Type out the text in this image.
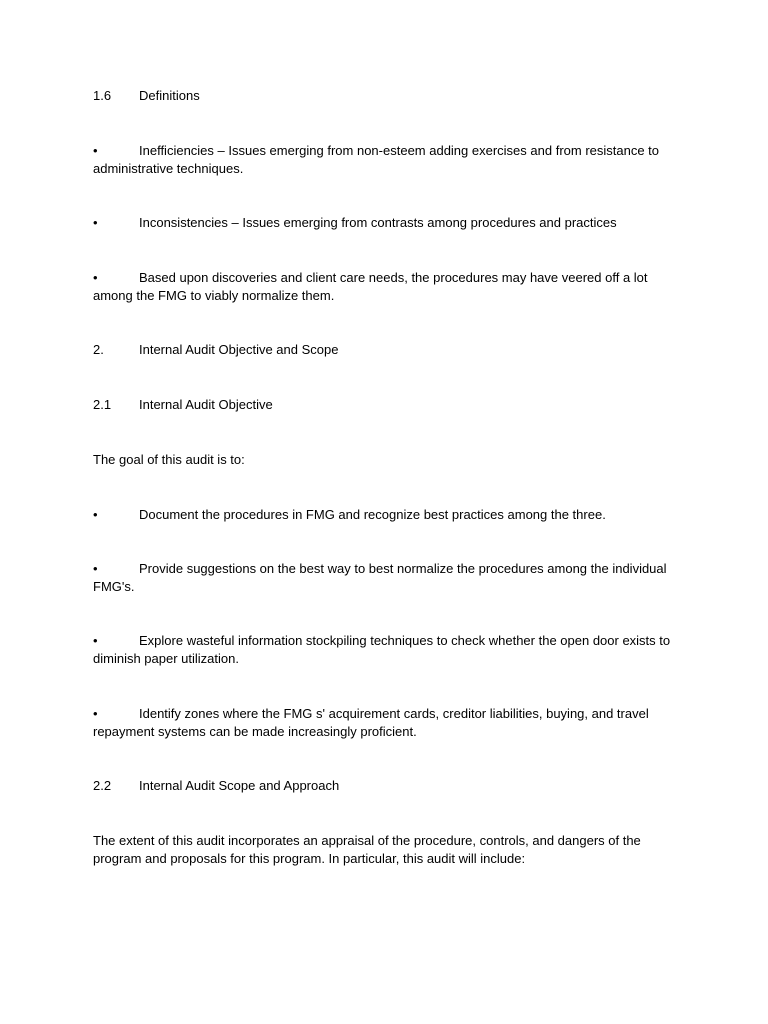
1.6 Definitions
•	Inefficiencies – Issues emerging from non-esteem adding exercises and from resistance to administrative techniques.
•	Inconsistencies – Issues emerging from contrasts among procedures and practices
•	Based upon discoveries and client care needs, the procedures may have veered off a lot among the FMG to viably normalize them.
2.	Internal Audit Objective and Scope
2.1 Internal Audit Objective
The goal of this audit is to:
•	Document the procedures in FMG and recognize best practices among the three.
•	Provide suggestions on the best way to best normalize the procedures among the individual FMG's.
•	Explore wasteful information stockpiling techniques to check whether the open door exists to diminish paper utilization.
•	Identify zones where the FMG s' acquirement cards, creditor liabilities, buying, and travel repayment systems can be made increasingly proficient.
2.2 Internal Audit Scope and Approach
The extent of this audit incorporates an appraisal of the procedure, controls, and dangers of the program and proposals for this program. In particular, this audit will include:
